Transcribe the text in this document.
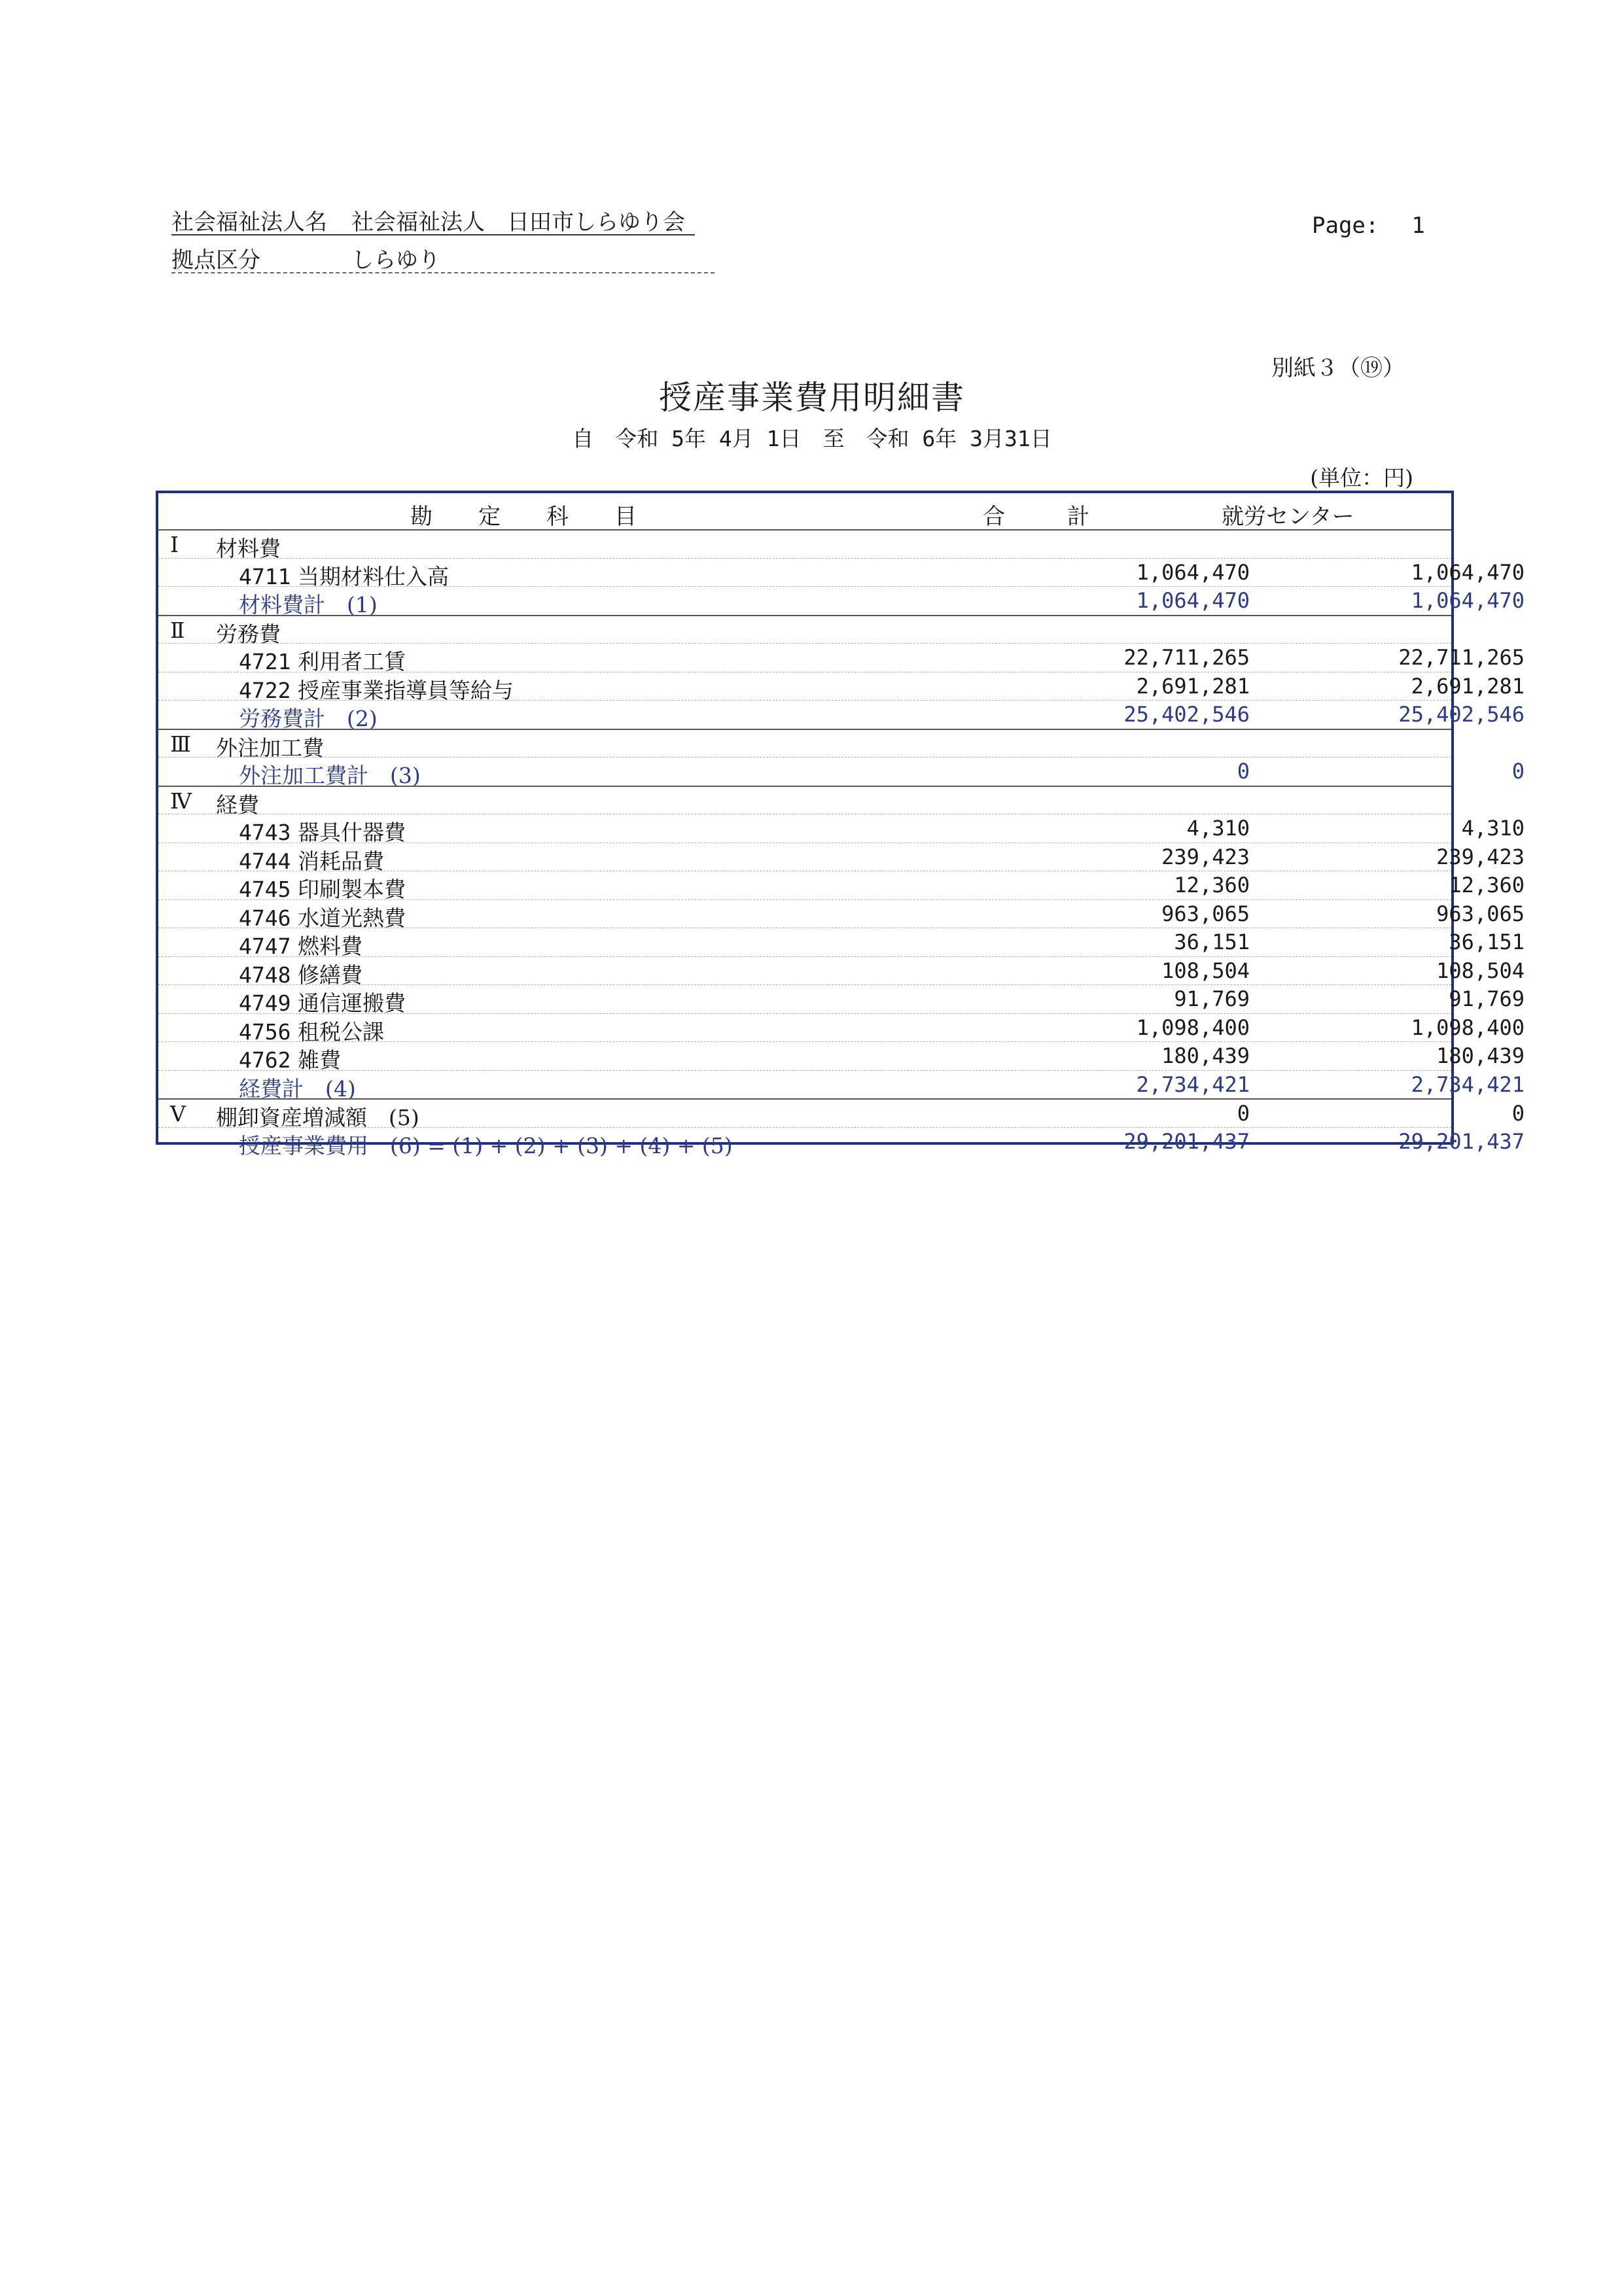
社会福祉法人名 社会福祉法人　日田市しらゆり会
拠点区分	しらゆり
Page: 1
別紙３（⑲）
授産事業費用明細書
自　令和 5年 4月 1日　至　令和 6年 3月31日
(単位：円)
勘定科目	合計	就労センター
Ⅰ 材料費
4711 当期材料仕入高	1,064,470	1,064,470
材料費計　(1)	1,064,470	1,064,470
Ⅱ 労務費
4721 利用者工賃	22,711,265	22,711,265
4722 授産事業指導員等給与	2,691,281	2,691,281
労務費計　(2)	25,402,546	25,402,546
Ⅲ 外注加工費
外注加工費計　(3)	0	0
Ⅳ 経費
4743 器具什器費	4,310	4,310
4744 消耗品費	239,423	239,423
4745 印刷製本費	12,360	12,360
4746 水道光熱費	963,065	963,065
4747 燃料費	36,151	36,151
4748 修繕費	108,504	108,504
4749 通信運搬費	91,769	91,769
4756 租税公課	1,098,400	1,098,400
4762 雑費	180,439	180,439
経費計　(4)	2,734,421	2,734,421
Ⅴ 棚卸資産増減額　(5)	0	0
授産事業費用　(6) = (1) + (2) + (3) + (4) + (5)	29,201,437	29,201,437
